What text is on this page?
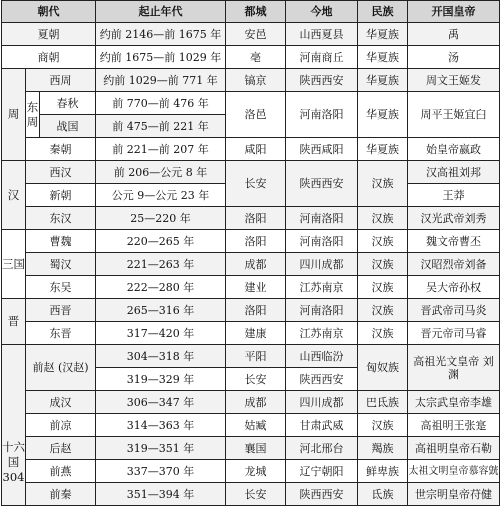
朝代			起止年代	都城	今地	民族	开国皇帝
夏朝			约前 2146—前 1675 年	安邑	山西夏县	华夏族	禹
商朝			约前 1675—前 1029 年	亳	河南商丘	华夏族	汤
周	西周		约前 1029—前 771 年	镐京	陕西西安	华夏族	周文王姬发
	东周	春秋	前 770—前 476 年	洛邑	河南洛阳	华夏族	周平王姬宜臼
		战国	前 475—前 221 年				
	秦朝		前 221—前 207 年	咸阳	陕西咸阳	华夏族	始皇帝嬴政
汉	西汉		前 206—公元 8 年	长安	陕西西安	汉族	汉高祖刘邦
	新朝		公元 9—公元 23 年				王莽
	东汉		25—220 年	洛阳	河南洛阳	汉族	汉光武帝刘秀
三国	曹魏		220—265 年	洛阳	河南洛阳	汉族	魏文帝曹丕
	蜀汉		221—263 年	成都	四川成都	汉族	汉昭烈帝刘备
	东吴		222—280 年	建业	江苏南京	汉族	吴大帝孙权
晋	西晋		265—316 年	洛阳	河南洛阳	汉族	晋武帝司马炎
	东晋		317—420 年	建康	江苏南京	汉族	晋元帝司马睿
十六国 304	前赵 (汉赵)		304—318 年	平阳	山西临汾	匈奴族	高祖光文皇帝 刘渊
			319—329 年	长安	陕西西安		
	成汉		306—347 年	成都	四川成都	巴氐族	太宗武皇帝李雄
	前凉		314—363 年	姑臧	甘肃武威	汉族	高祖明王张寔
	后赵		319—351 年	襄国	河北邢台	羯族	高祖明皇帝石勒
	前燕		337—370 年	龙城	辽宁朝阳	鲜卑族	太祖文明皇帝慕容皝
	前秦		351—394 年	长安	陕西西安	氐族	世宗明皇帝苻健
